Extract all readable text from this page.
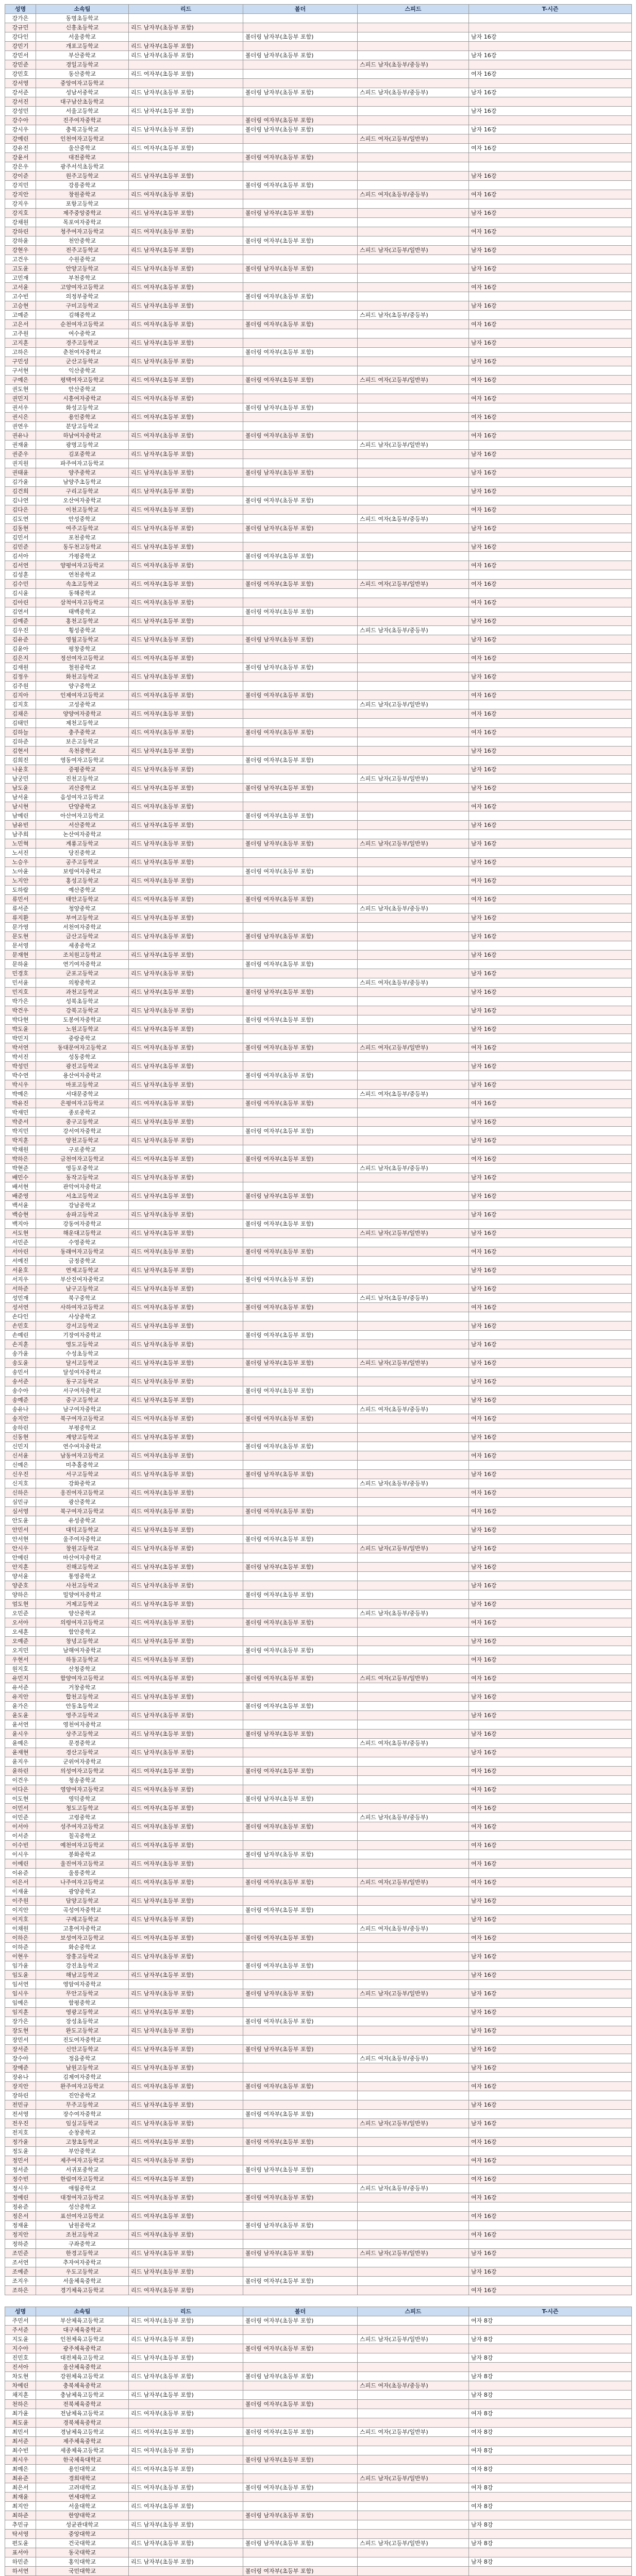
성명	소속팀	리드	볼더	스피드	T-시즌
강가은	동명초등학교				
강규민	신흥초등학교	리드 남자부(초등부 포함)			
강다인	서울중학교		볼더링 남자부(초등부 포함)		남자 16강
강민기	개포고등학교	리드 남자부(초등부 포함)			
강민서	부산중학교	리드 남자부(초등부 포함)	볼더링 남자부(초등부 포함)		남자 16강
강민준	경일고등학교			스피드 남자(초등부/중등부)	
강민호	동산중학교	리드 여자부(초등부 포함)			여자 16강
강서영	중앙여자고등학교				
강서준	성남서중학교	리드 남자부(초등부 포함)	볼더링 남자부(초등부 포함)	스피드 남자(초등부/중등부)	남자 16강
강서진	대구남산초등학교				
강성민	서울고등학교	리드 남자부(초등부 포함)			남자 16강
강수아	진주여자중학교		볼더링 여자부(초등부 포함)		
강시우	충북고등학교	리드 남자부(초등부 포함)	볼더링 남자부(초등부 포함)		남자 16강
강예린	인천여자고등학교			스피드 여자(고등부/일반부)	
강유진	울산중학교	리드 여자부(초등부 포함)			여자 16강
강윤서	대전중학교		볼더링 여자부(초등부 포함)		
강은우	광주서석초등학교				
강이준	원주고등학교	리드 남자부(초등부 포함)			남자 16강
강지민	강릉중학교		볼더링 여자부(초등부 포함)		
강지안	창원중학교	리드 여자부(초등부 포함)		스피드 여자(초등부/중등부)	여자 16강
강지우	포항고등학교				
강지호	제주중앙중학교	리드 남자부(초등부 포함)	볼더링 남자부(초등부 포함)		남자 16강
강채원	목포여자중학교				
강하린	청주여자고등학교	리드 여자부(초등부 포함)			여자 16강
강하윤	천안중학교		볼더링 여자부(초등부 포함)		
강현우	전주고등학교	리드 남자부(초등부 포함)		스피드 남자(고등부/일반부)	남자 16강
고건우	수원중학교				
고도윤	안양고등학교	리드 남자부(초등부 포함)	볼더링 남자부(초등부 포함)		남자 16강
고민재	부천중학교				
고서윤	고양여자고등학교	리드 여자부(초등부 포함)			여자 16강
고수빈	의정부중학교		볼더링 여자부(초등부 포함)		
고승현	구미고등학교	리드 남자부(초등부 포함)			남자 16강
고예준	김해중학교			스피드 남자(초등부/중등부)	
고은서	순천여자고등학교	리드 여자부(초등부 포함)	볼더링 여자부(초등부 포함)		여자 16강
고주원	여수중학교				
고지훈	경주고등학교	리드 남자부(초등부 포함)			남자 16강
고하은	춘천여자중학교		볼더링 여자부(초등부 포함)		
구민성	군산고등학교	리드 남자부(초등부 포함)			남자 16강
구서현	익산중학교				
구예은	평택여자고등학교	리드 여자부(초등부 포함)	볼더링 여자부(초등부 포함)	스피드 여자(고등부/일반부)	여자 16강
권도현	안산중학교				
권민지	시흥여자중학교	리드 여자부(초등부 포함)			여자 16강
권서우	화성고등학교		볼더링 남자부(초등부 포함)		
권시은	용인중학교	리드 여자부(초등부 포함)			여자 16강
권연우	분당고등학교				
권유나	하남여자중학교	리드 여자부(초등부 포함)	볼더링 여자부(초등부 포함)		여자 16강
권재윤	광명고등학교			스피드 남자(고등부/일반부)	
권준우	김포중학교	리드 남자부(초등부 포함)			남자 16강
권지원	파주여자고등학교				
권태윤	양주중학교	리드 남자부(초등부 포함)	볼더링 남자부(초등부 포함)		남자 16강
김가윤	남양주초등학교				
김건희	구리고등학교	리드 남자부(초등부 포함)			남자 16강
김나연	오산여자중학교		볼더링 여자부(초등부 포함)		
김다은	이천고등학교	리드 여자부(초등부 포함)			여자 16강
김도연	안성중학교			스피드 여자(초등부/중등부)	
김동현	여주고등학교	리드 남자부(초등부 포함)	볼더링 남자부(초등부 포함)		남자 16강
김민서	포천중학교				
김민준	동두천고등학교	리드 남자부(초등부 포함)			남자 16강
김서아	가평중학교		볼더링 여자부(초등부 포함)		
김서연	양평여자고등학교	리드 여자부(초등부 포함)			여자 16강
김성훈	연천중학교				
김수민	속초고등학교	리드 여자부(초등부 포함)	볼더링 여자부(초등부 포함)	스피드 여자(고등부/일반부)	여자 16강
김시윤	동해중학교				
김아린	삼척여자고등학교	리드 여자부(초등부 포함)			여자 16강
김연서	태백중학교		볼더링 여자부(초등부 포함)		
김예준	홍천고등학교	리드 남자부(초등부 포함)			남자 16강
김우진	횡성중학교			스피드 남자(초등부/중등부)	
김유준	영월고등학교	리드 남자부(초등부 포함)	볼더링 남자부(초등부 포함)		남자 16강
김윤아	평창중학교				
김은지	정선여자고등학교	리드 여자부(초등부 포함)			여자 16강
김재원	철원중학교		볼더링 남자부(초등부 포함)		
김정우	화천고등학교	리드 남자부(초등부 포함)			남자 16강
김주원	양구중학교				
김지아	인제여자고등학교	리드 여자부(초등부 포함)	볼더링 여자부(초등부 포함)		여자 16강
김지호	고성중학교			스피드 남자(고등부/일반부)	
김채은	양양여자중학교	리드 여자부(초등부 포함)			여자 16강
김태민	제천고등학교				
김하늘	충주중학교	리드 여자부(초등부 포함)	볼더링 여자부(초등부 포함)		여자 16강
김하준	보은고등학교				
김현서	옥천중학교	리드 남자부(초등부 포함)			남자 16강
김희진	영동여자고등학교		볼더링 여자부(초등부 포함)		
나윤호	증평중학교	리드 남자부(초등부 포함)			남자 16강
남궁민	진천고등학교			스피드 남자(고등부/일반부)	
남도윤	괴산중학교	리드 남자부(초등부 포함)	볼더링 남자부(초등부 포함)		남자 16강
남서윤	음성여자고등학교				
남시현	단양중학교	리드 여자부(초등부 포함)			여자 16강
남예린	아산여자고등학교		볼더링 여자부(초등부 포함)		
남유빈	서산중학교	리드 남자부(초등부 포함)			남자 16강
남주희	논산여자중학교				
노민혁	계룡고등학교	리드 남자부(초등부 포함)	볼더링 남자부(초등부 포함)	스피드 남자(고등부/일반부)	남자 16강
노서진	당진중학교				
노승우	공주고등학교	리드 남자부(초등부 포함)			남자 16강
노아윤	보령여자중학교		볼더링 여자부(초등부 포함)		
노지안	홍성고등학교	리드 여자부(초등부 포함)			여자 16강
도하람	예산중학교				
류민서	태안고등학교	리드 여자부(초등부 포함)	볼더링 여자부(초등부 포함)		여자 16강
류서준	청양중학교			스피드 남자(초등부/중등부)	
류지환	부여고등학교	리드 남자부(초등부 포함)			남자 16강
문가영	서천여자중학교				
문도현	금산고등학교	리드 남자부(초등부 포함)	볼더링 남자부(초등부 포함)		남자 16강
문서영	세종중학교				
문재현	조치원고등학교	리드 남자부(초등부 포함)			남자 16강
문하윤	연기여자중학교		볼더링 여자부(초등부 포함)		
민경호	군포고등학교	리드 남자부(초등부 포함)			남자 16강
민서윤	의왕중학교			스피드 여자(초등부/중등부)	
민지호	과천고등학교	리드 남자부(초등부 포함)	볼더링 남자부(초등부 포함)		남자 16강
박가은	성북초등학교				
박건우	강북고등학교	리드 남자부(초등부 포함)			남자 16강
박다현	도봉여자중학교		볼더링 여자부(초등부 포함)		
박도윤	노원고등학교	리드 남자부(초등부 포함)			남자 16강
박민지	중랑중학교				
박서연	동대문여자고등학교	리드 여자부(초등부 포함)	볼더링 여자부(초등부 포함)	스피드 여자(고등부/일반부)	여자 16강
박서진	성동중학교				
박성민	광진고등학교	리드 남자부(초등부 포함)			남자 16강
박수연	용산여자중학교		볼더링 여자부(초등부 포함)		
박시우	마포고등학교	리드 남자부(초등부 포함)			남자 16강
박예은	서대문중학교			스피드 여자(초등부/중등부)	
박유진	은평여자고등학교	리드 여자부(초등부 포함)	볼더링 여자부(초등부 포함)		여자 16강
박재민	종로중학교				
박준서	중구고등학교	리드 남자부(초등부 포함)			남자 16강
박지민	강서여자중학교		볼더링 여자부(초등부 포함)		
박지훈	양천고등학교	리드 남자부(초등부 포함)			남자 16강
박채원	구로중학교				
박하은	금천여자고등학교	리드 여자부(초등부 포함)	볼더링 여자부(초등부 포함)		여자 16강
박현준	영등포중학교			스피드 남자(초등부/중등부)	
배민수	동작고등학교	리드 남자부(초등부 포함)			남자 16강
배서현	관악여자중학교				
배준영	서초고등학교	리드 남자부(초등부 포함)	볼더링 남자부(초등부 포함)		남자 16강
백서윤	강남중학교				
백승현	송파고등학교	리드 남자부(초등부 포함)			남자 16강
백지아	강동여자중학교		볼더링 여자부(초등부 포함)		
서도현	해운대고등학교	리드 남자부(초등부 포함)		스피드 남자(고등부/일반부)	남자 16강
서민준	수영중학교				
서아린	동래여자고등학교	리드 여자부(초등부 포함)	볼더링 여자부(초등부 포함)		여자 16강
서예진	금정중학교				
서윤호	연제고등학교	리드 남자부(초등부 포함)			남자 16강
서지우	부산진여자중학교		볼더링 여자부(초등부 포함)		
서하준	남구고등학교	리드 남자부(초등부 포함)			남자 16강
성민재	북구중학교			스피드 남자(초등부/중등부)	
성서연	사하여자고등학교	리드 여자부(초등부 포함)	볼더링 여자부(초등부 포함)		여자 16강
손다인	사상중학교				
손민호	강서고등학교	리드 남자부(초등부 포함)			남자 16강
손예린	기장여자중학교		볼더링 여자부(초등부 포함)		
손지훈	영도고등학교	리드 남자부(초등부 포함)			남자 16강
송가윤	수성초등학교				
송도윤	달서고등학교	리드 남자부(초등부 포함)	볼더링 남자부(초등부 포함)	스피드 남자(고등부/일반부)	남자 16강
송민서	달성여자중학교				
송서준	동구고등학교	리드 남자부(초등부 포함)			남자 16강
송수아	서구여자중학교		볼더링 여자부(초등부 포함)		
송예준	중구고등학교	리드 남자부(초등부 포함)			남자 16강
송유나	남구여자중학교			스피드 여자(초등부/중등부)	
송지안	북구여자고등학교	리드 여자부(초등부 포함)	볼더링 여자부(초등부 포함)		여자 16강
송하린	부평중학교				
신동현	계양고등학교	리드 남자부(초등부 포함)			남자 16강
신민지	연수여자중학교		볼더링 여자부(초등부 포함)		
신서윤	남동여자고등학교	리드 여자부(초등부 포함)			여자 16강
신예은	미추홀중학교				
신우진	서구고등학교	리드 남자부(초등부 포함)	볼더링 남자부(초등부 포함)		남자 16강
신지호	강화중학교			스피드 남자(초등부/중등부)	
신하은	옹진여자고등학교	리드 여자부(초등부 포함)			여자 16강
심민규	광산중학교				
심서영	북구여자고등학교	리드 여자부(초등부 포함)	볼더링 여자부(초등부 포함)		여자 16강
안도윤	유성중학교				
안민서	대덕고등학교	리드 남자부(초등부 포함)			남자 16강
안서현	울주여자중학교		볼더링 여자부(초등부 포함)		
안시우	창원고등학교	리드 남자부(초등부 포함)		스피드 남자(고등부/일반부)	남자 16강
안예린	마산여자중학교				
안지훈	진해고등학교	리드 남자부(초등부 포함)	볼더링 남자부(초등부 포함)		남자 16강
양서윤	통영중학교				
양준호	사천고등학교	리드 남자부(초등부 포함)			남자 16강
양하은	밀양여자중학교		볼더링 여자부(초등부 포함)		
엄도현	거제고등학교	리드 남자부(초등부 포함)			남자 16강
오민준	양산중학교			스피드 남자(초등부/중등부)	
오서아	의령여자고등학교	리드 여자부(초등부 포함)	볼더링 여자부(초등부 포함)		여자 16강
오세훈	함안중학교				
오예준	창녕고등학교	리드 남자부(초등부 포함)			남자 16강
오지민	남해여자중학교		볼더링 여자부(초등부 포함)		
우현서	하동고등학교	리드 여자부(초등부 포함)			여자 16강
원지호	산청중학교				
유민지	함양여자고등학교	리드 여자부(초등부 포함)	볼더링 여자부(초등부 포함)	스피드 여자(고등부/일반부)	여자 16강
유서준	거창중학교				
유지안	합천고등학교	리드 남자부(초등부 포함)			남자 16강
윤가은	안동초등학교		볼더링 여자부(초등부 포함)		
윤도윤	영주고등학교	리드 남자부(초등부 포함)			남자 16강
윤서연	영천여자중학교				
윤시우	상주고등학교	리드 남자부(초등부 포함)	볼더링 남자부(초등부 포함)		남자 16강
윤예은	문경중학교			스피드 여자(초등부/중등부)	
윤재현	경산고등학교	리드 남자부(초등부 포함)			남자 16강
윤지우	군위여자중학교				
윤하린	의성여자고등학교	리드 여자부(초등부 포함)	볼더링 여자부(초등부 포함)		여자 16강
이건우	청송중학교				
이다은	영양여자고등학교	리드 여자부(초등부 포함)			여자 16강
이도현	영덕중학교		볼더링 남자부(초등부 포함)		
이민서	청도고등학교	리드 여자부(초등부 포함)			여자 16강
이민준	고령중학교			스피드 남자(초등부/중등부)	
이서아	성주여자고등학교	리드 여자부(초등부 포함)	볼더링 여자부(초등부 포함)		여자 16강
이서준	칠곡중학교				
이수빈	예천여자고등학교	리드 여자부(초등부 포함)			여자 16강
이시우	봉화중학교		볼더링 남자부(초등부 포함)		
이예린	울진여자고등학교	리드 여자부(초등부 포함)			여자 16강
이유준	울릉중학교				
이은서	나주여자고등학교	리드 여자부(초등부 포함)	볼더링 여자부(초등부 포함)	스피드 여자(고등부/일반부)	여자 16강
이재윤	광양중학교				
이주원	담양고등학교	리드 남자부(초등부 포함)			남자 16강
이지안	곡성여자중학교		볼더링 여자부(초등부 포함)		
이지호	구례고등학교	리드 남자부(초등부 포함)			남자 16강
이채원	고흥여자중학교			스피드 여자(초등부/중등부)	
이하은	보성여자고등학교	리드 여자부(초등부 포함)	볼더링 여자부(초등부 포함)		여자 16강
이하준	화순중학교				
이현우	장흥고등학교	리드 남자부(초등부 포함)			남자 16강
임가윤	강진초등학교		볼더링 여자부(초등부 포함)		
임도윤	해남고등학교	리드 남자부(초등부 포함)			남자 16강
임서연	영암여자중학교				
임시우	무안고등학교	리드 남자부(초등부 포함)	볼더링 남자부(초등부 포함)	스피드 남자(고등부/일반부)	남자 16강
임예은	함평중학교				
임지훈	영광고등학교	리드 남자부(초등부 포함)			남자 16강
장가은	장성초등학교		볼더링 여자부(초등부 포함)		
장도현	완도고등학교	리드 남자부(초등부 포함)			남자 16강
장민서	진도여자중학교				
장서준	신안고등학교	리드 남자부(초등부 포함)	볼더링 남자부(초등부 포함)		남자 16강
장수아	정읍중학교			스피드 여자(초등부/중등부)	
장예준	남원고등학교	리드 남자부(초등부 포함)			남자 16강
장유나	김제여자중학교				
장지안	완주여자고등학교	리드 여자부(초등부 포함)	볼더링 여자부(초등부 포함)		여자 16강
장하린	진안중학교				
전민규	무주고등학교	리드 남자부(초등부 포함)			남자 16강
전서영	장수여자중학교		볼더링 여자부(초등부 포함)		
전우진	임실고등학교	리드 남자부(초등부 포함)		스피드 남자(고등부/일반부)	남자 16강
전지호	순창중학교				
정가윤	고창초등학교	리드 여자부(초등부 포함)	볼더링 여자부(초등부 포함)		여자 16강
정도윤	부안중학교				
정민서	제주여자고등학교	리드 여자부(초등부 포함)			여자 16강
정서준	서귀포중학교		볼더링 남자부(초등부 포함)		
정수빈	한림여자고등학교	리드 여자부(초등부 포함)			여자 16강
정시우	애월중학교			스피드 남자(초등부/중등부)	
정예린	대정여자고등학교	리드 여자부(초등부 포함)	볼더링 여자부(초등부 포함)		여자 16강
정유준	성산중학교				
정은서	표선여자고등학교	리드 여자부(초등부 포함)			여자 16강
정재윤	남원중학교		볼더링 남자부(초등부 포함)		
정지안	조천고등학교	리드 여자부(초등부 포함)			여자 16강
정하준	구좌중학교				
조민준	한경고등학교	리드 남자부(초등부 포함)	볼더링 남자부(초등부 포함)	스피드 남자(고등부/일반부)	남자 16강
조서연	추자여자중학교				
조예준	우도고등학교	리드 남자부(초등부 포함)			남자 16강
조지우	서울체육중학교		볼더링 여자부(초등부 포함)		
조하은	경기체육고등학교	리드 여자부(초등부 포함)			여자 16강
성명	소속팀	리드	볼더	스피드	T-시즌
주민서	부산체육고등학교	리드 여자부(초등부 포함)	볼더링 여자부(초등부 포함)		여자 8강
주서준	대구체육중학교				
지도윤	인천체육고등학교	리드 남자부(초등부 포함)		스피드 남자(고등부/일반부)	남자 8강
지수아	광주체육중학교		볼더링 여자부(초등부 포함)		
진민호	대전체육고등학교	리드 남자부(초등부 포함)			남자 8강
진서아	울산체육중학교				
차도현	강원체육고등학교	리드 남자부(초등부 포함)	볼더링 남자부(초등부 포함)		남자 8강
차예린	충북체육중학교			스피드 여자(초등부/중등부)	
채지훈	충남체육고등학교	리드 남자부(초등부 포함)			남자 8강
천하은	전북체육중학교		볼더링 여자부(초등부 포함)		
최가윤	전남체육고등학교	리드 여자부(초등부 포함)			여자 8강
최도윤	경북체육중학교				
최민서	경남체육고등학교	리드 여자부(초등부 포함)	볼더링 여자부(초등부 포함)	스피드 여자(고등부/일반부)	여자 8강
최서준	제주체육중학교				
최수빈	세종체육고등학교	리드 여자부(초등부 포함)			여자 8강
최시우	한국체육대학교		볼더링 남자부(초등부 포함)		
최예은	용인대학교	리드 여자부(초등부 포함)			여자 8강
최유준	경희대학교			스피드 남자(고등부/일반부)	
최은서	고려대학교	리드 여자부(초등부 포함)	볼더링 여자부(초등부 포함)		여자 8강
최재윤	연세대학교				
최지안	서울대학교	리드 여자부(초등부 포함)			여자 8강
최하준	한양대학교		볼더링 남자부(초등부 포함)		
추민규	성균관대학교	리드 남자부(초등부 포함)			남자 8강
탁서영	중앙대학교				
편도윤	건국대학교	리드 남자부(초등부 포함)	볼더링 남자부(초등부 포함)	스피드 남자(고등부/일반부)	남자 8강
표서아	동국대학교				
하민준	홍익대학교	리드 남자부(초등부 포함)			남자 8강
하서연	국민대학교		볼더링 여자부(초등부 포함)		
